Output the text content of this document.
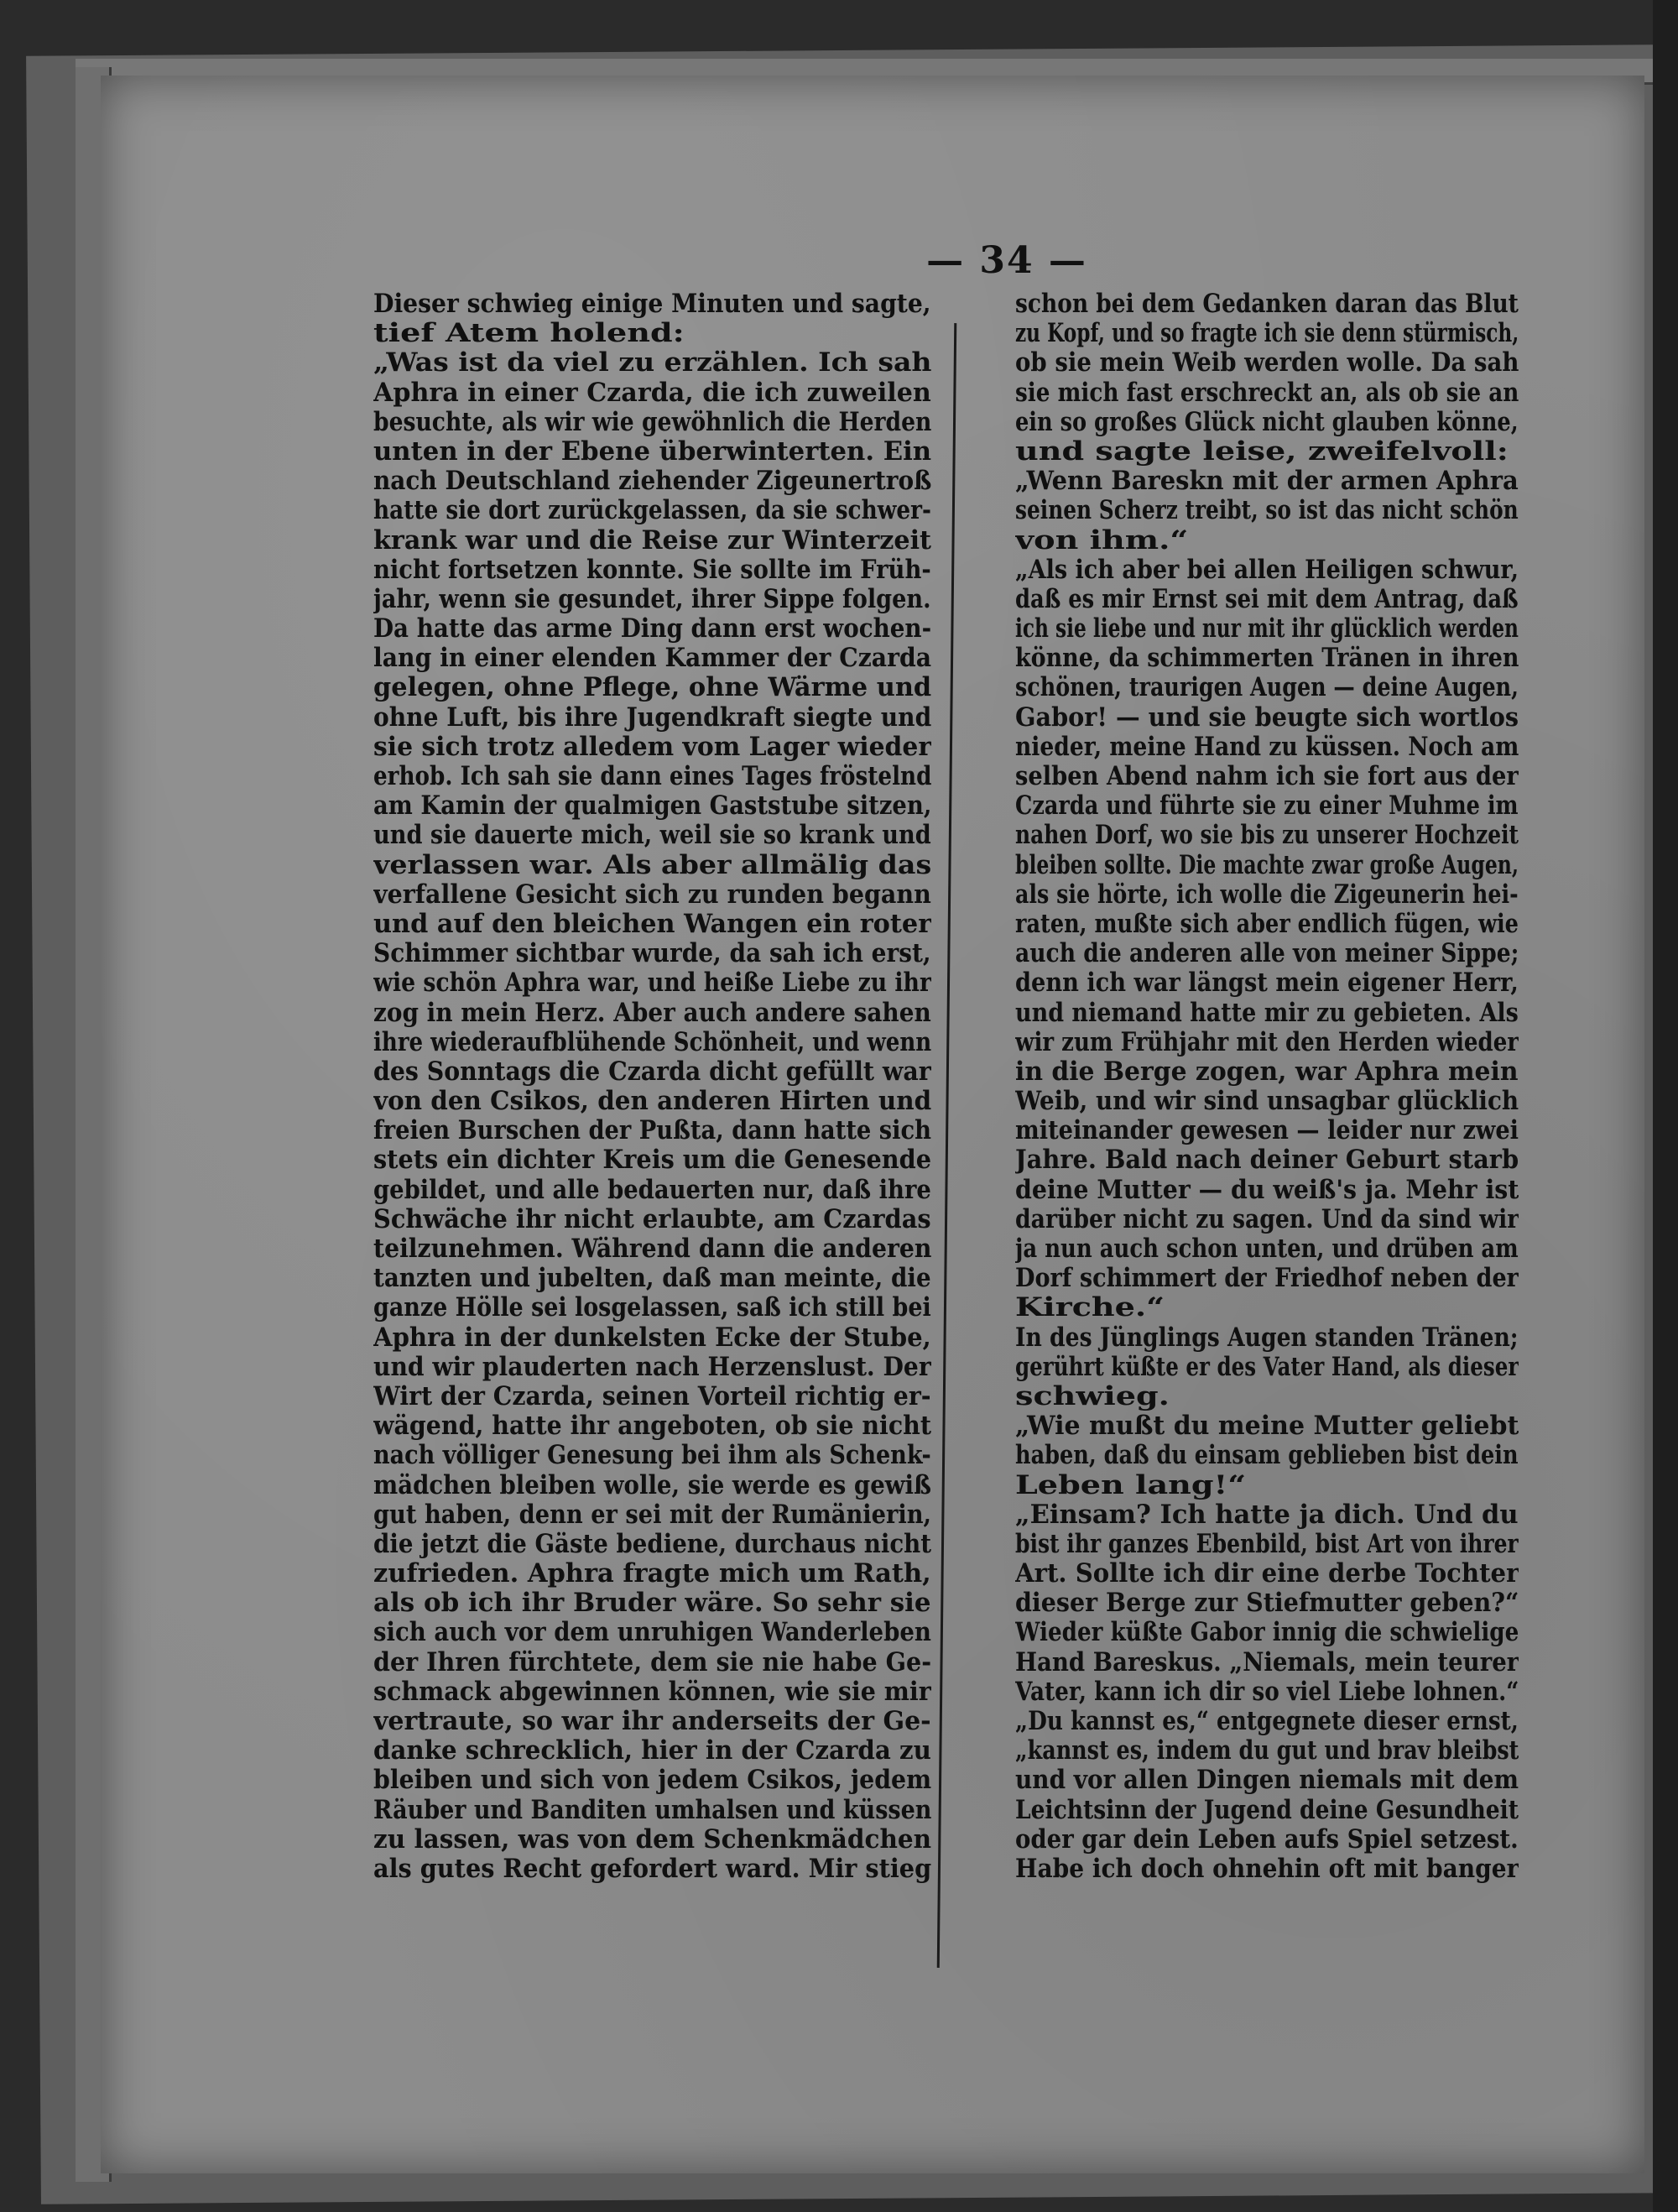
— 34 —
Dieser schwieg einige Minuten und sagte,
tief Atem holend:
„Was ist da viel zu erzählen. Ich sah
Aphra in einer Czarda, die ich zuweilen
besuchte, als wir wie gewöhnlich die Herden
unten in der Ebene überwinterten. Ein
nach Deutschland ziehender Zigeunertroß
hatte sie dort zurückgelassen, da sie schwer-
krank war und die Reise zur Winterzeit
nicht fortsetzen konnte. Sie sollte im Früh-
jahr, wenn sie gesundet, ihrer Sippe folgen.
Da hatte das arme Ding dann erst wochen-
lang in einer elenden Kammer der Czarda
gelegen, ohne Pflege, ohne Wärme und
ohne Luft, bis ihre Jugendkraft siegte und
sie sich trotz alledem vom Lager wieder
erhob. Ich sah sie dann eines Tages fröstelnd
am Kamin der qualmigen Gaststube sitzen,
und sie dauerte mich, weil sie so krank und
verlassen war. Als aber allmälig das
verfallene Gesicht sich zu runden begann
und auf den bleichen Wangen ein roter
Schimmer sichtbar wurde, da sah ich erst,
wie schön Aphra war, und heiße Liebe zu ihr
zog in mein Herz. Aber auch andere sahen
ihre wiederaufblühende Schönheit, und wenn
des Sonntags die Czarda dicht gefüllt war
von den Csikos, den anderen Hirten und
freien Burschen der Pußta, dann hatte sich
stets ein dichter Kreis um die Genesende
gebildet, und alle bedauerten nur, daß ihre
Schwäche ihr nicht erlaubte, am Czardas
teilzunehmen. Während dann die anderen
tanzten und jubelten, daß man meinte, die
ganze Hölle sei losgelassen, saß ich still bei
Aphra in der dunkelsten Ecke der Stube,
und wir plauderten nach Herzenslust. Der
Wirt der Czarda, seinen Vorteil richtig er-
wägend, hatte ihr angeboten, ob sie nicht
nach völliger Genesung bei ihm als Schenk-
mädchen bleiben wolle, sie werde es gewiß
gut haben, denn er sei mit der Rumänierin,
die jetzt die Gäste bediene, durchaus nicht
zufrieden. Aphra fragte mich um Rath,
als ob ich ihr Bruder wäre. So sehr sie
sich auch vor dem unruhigen Wanderleben
der Ihren fürchtete, dem sie nie habe Ge-
schmack abgewinnen können, wie sie mir
vertraute, so war ihr anderseits der Ge-
danke schrecklich, hier in der Czarda zu
bleiben und sich von jedem Csikos, jedem
Räuber und Banditen umhalsen und küssen
zu lassen, was von dem Schenkmädchen
als gutes Recht gefordert ward. Mir stieg
schon bei dem Gedanken daran das Blut
zu Kopf, und so fragte ich sie denn stürmisch,
ob sie mein Weib werden wolle. Da sah
sie mich fast erschreckt an, als ob sie an
ein so großes Glück nicht glauben könne,
und sagte leise, zweifelvoll:
„Wenn Bareskn mit der armen Aphra
seinen Scherz treibt, so ist das nicht schön
von ihm.“
„Als ich aber bei allen Heiligen schwur,
daß es mir Ernst sei mit dem Antrag, daß
ich sie liebe und nur mit ihr glücklich werden
könne, da schimmerten Tränen in ihren
schönen, traurigen Augen — deine Augen,
Gabor! — und sie beugte sich wortlos
nieder, meine Hand zu küssen. Noch am
selben Abend nahm ich sie fort aus der
Czarda und führte sie zu einer Muhme im
nahen Dorf, wo sie bis zu unserer Hochzeit
bleiben sollte. Die machte zwar große Augen,
als sie hörte, ich wolle die Zigeunerin hei-
raten, mußte sich aber endlich fügen, wie
auch die anderen alle von meiner Sippe;
denn ich war längst mein eigener Herr,
und niemand hatte mir zu gebieten. Als
wir zum Frühjahr mit den Herden wieder
in die Berge zogen, war Aphra mein
Weib, und wir sind unsagbar glücklich
miteinander gewesen — leider nur zwei
Jahre. Bald nach deiner Geburt starb
deine Mutter — du weiß's ja. Mehr ist
darüber nicht zu sagen. Und da sind wir
ja nun auch schon unten, und drüben am
Dorf schimmert der Friedhof neben der
Kirche.“
In des Jünglings Augen standen Tränen;
gerührt küßte er des Vater Hand, als dieser
schwieg.
„Wie mußt du meine Mutter geliebt
haben, daß du einsam geblieben bist dein
Leben lang!“
„Einsam? Ich hatte ja dich. Und du
bist ihr ganzes Ebenbild, bist Art von ihrer
Art. Sollte ich dir eine derbe Tochter
dieser Berge zur Stiefmutter geben?“
Wieder küßte Gabor innig die schwielige
Hand Bareskus. „Niemals, mein teurer
Vater, kann ich dir so viel Liebe lohnen.“
„Du kannst es,“ entgegnete dieser ernst,
„kannst es, indem du gut und brav bleibst
und vor allen Dingen niemals mit dem
Leichtsinn der Jugend deine Gesundheit
oder gar dein Leben aufs Spiel setzest.
Habe ich doch ohnehin oft mit banger
